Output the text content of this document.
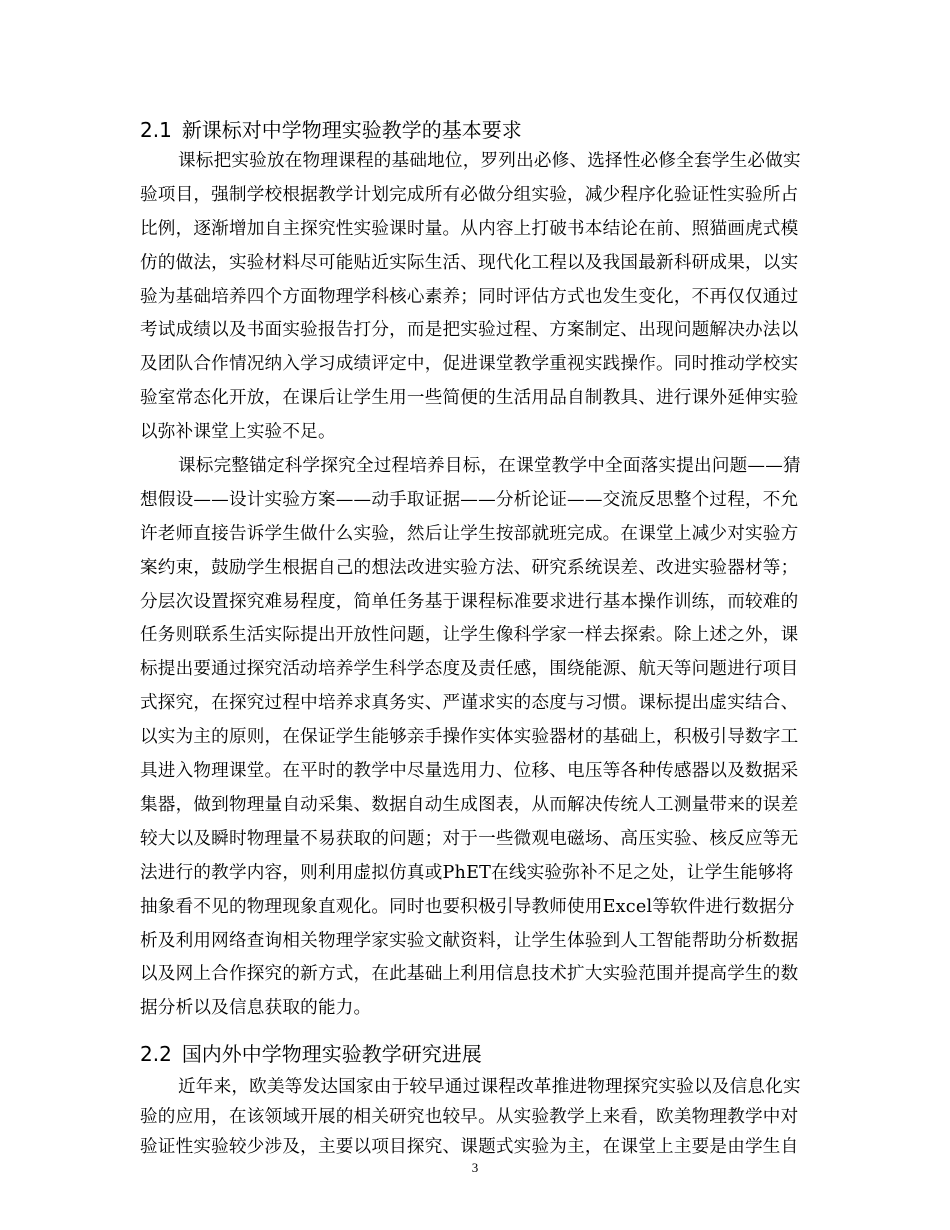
2.1 新课标对中学物理实验教学的基本要求
课标把实验放在物理课程的基础地位，罗列出必修、选择性必修全套学生必做实
验项目，强制学校根据教学计划完成所有必做分组实验，减少程序化验证性实验所占
比例，逐渐增加自主探究性实验课时量。从内容上打破书本结论在前、照猫画虎式模
仿的做法，实验材料尽可能贴近实际生活、现代化工程以及我国最新科研成果，以实
验为基础培养四个方面物理学科核心素养；同时评估方式也发生变化，不再仅仅通过
考试成绩以及书面实验报告打分，而是把实验过程、方案制定、出现问题解决办法以
及团队合作情况纳入学习成绩评定中，促进课堂教学重视实践操作。同时推动学校实
验室常态化开放，在课后让学生用一些简便的生活用品自制教具、进行课外延伸实验
以弥补课堂上实验不足。
课标完整锚定科学探究全过程培养目标，在课堂教学中全面落实提出问题——猜
想假设——设计实验方案——动手取证据——分析论证——交流反思整个过程，不允
许老师直接告诉学生做什么实验，然后让学生按部就班完成。在课堂上减少对实验方
案约束，鼓励学生根据自己的想法改进实验方法、研究系统误差、改进实验器材等；
分层次设置探究难易程度，简单任务基于课程标准要求进行基本操作训练，而较难的
任务则联系生活实际提出开放性问题，让学生像科学家一样去探索。除上述之外，课
标提出要通过探究活动培养学生科学态度及责任感，围绕能源、航天等问题进行项目
式探究，在探究过程中培养求真务实、严谨求实的态度与习惯。课标提出虚实结合、
以实为主的原则，在保证学生能够亲手操作实体实验器材的基础上，积极引导数字工
具进入物理课堂。在平时的教学中尽量选用力、位移、电压等各种传感器以及数据采
集器，做到物理量自动采集、数据自动生成图表，从而解决传统人工测量带来的误差
较大以及瞬时物理量不易获取的问题；对于一些微观电磁场、高压实验、核反应等无
法进行的教学内容，则利用虚拟仿真或PhET在线实验弥补不足之处，让学生能够将
抽象看不见的物理现象直观化。同时也要积极引导教师使用Excel等软件进行数据分
析及利用网络查询相关物理学家实验文献资料，让学生体验到人工智能帮助分析数据
以及网上合作探究的新方式，在此基础上利用信息技术扩大实验范围并提高学生的数
据分析以及信息获取的能力。
2.2 国内外中学物理实验教学研究进展
近年来，欧美等发达国家由于较早通过课程改革推进物理探究实验以及信息化实
验的应用，在该领域开展的相关研究也较早。从实验教学上来看，欧美物理教学中对
验证性实验较少涉及，主要以项目探究、课题式实验为主，在课堂上主要是由学生自
3
